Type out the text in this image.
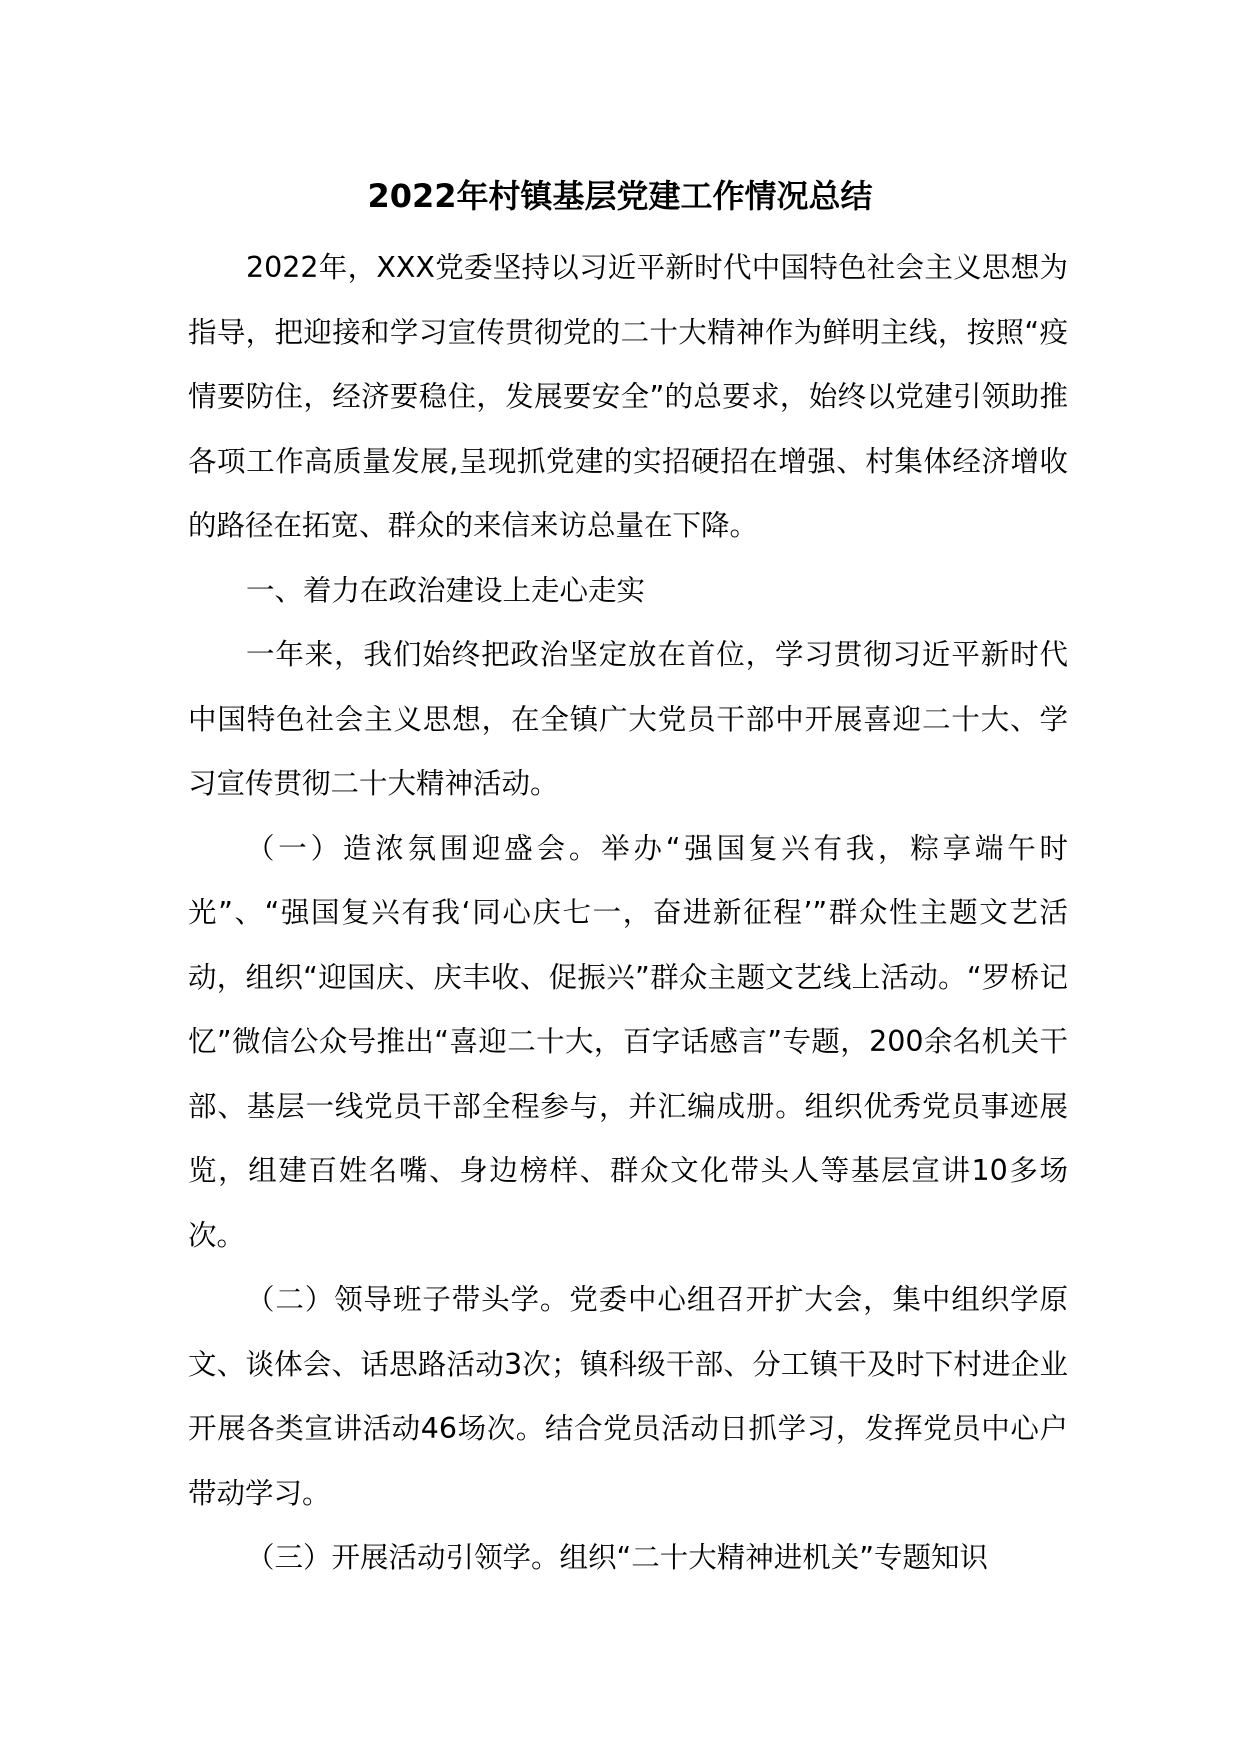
2022年村镇基层党建工作情况总结

2022年，XXX党委坚持以习近平新时代中国特色社会主义思想为指导，把迎接和学习宣传贯彻党的二十大精神作为鲜明主线，按照“疫情要防住，经济要稳住，发展要安全”的总要求，始终以党建引领助推各项工作高质量发展,呈现抓党建的实招硬招在增强、村集体经济增收的路径在拓宽、群众的来信来访总量在下降。

一、着力在政治建设上走心走实

一年来，我们始终把政治坚定放在首位，学习贯彻习近平新时代中国特色社会主义思想，在全镇广大党员干部中开展喜迎二十大、学习宣传贯彻二十大精神活动。

（一）造浓氛围迎盛会。举办“强国复兴有我，粽享端午时光”、“强国复兴有我‘同心庆七一，奋进新征程’”群众性主题文艺活动，组织“迎国庆、庆丰收、促振兴”群众主题文艺线上活动。“罗桥记忆”微信公众号推出“喜迎二十大，百字话感言”专题，200余名机关干部、基层一线党员干部全程参与，并汇编成册。组织优秀党员事迹展览，组建百姓名嘴、身边榜样、群众文化带头人等基层宣讲10多场次。

（二）领导班子带头学。党委中心组召开扩大会，集中组织学原文、谈体会、话思路活动3次；镇科级干部、分工镇干及时下村进企业开展各类宣讲活动46场次。结合党员活动日抓学习，发挥党员中心户带动学习。

（三）开展活动引领学。组织“二十大精神进机关”专题知识
